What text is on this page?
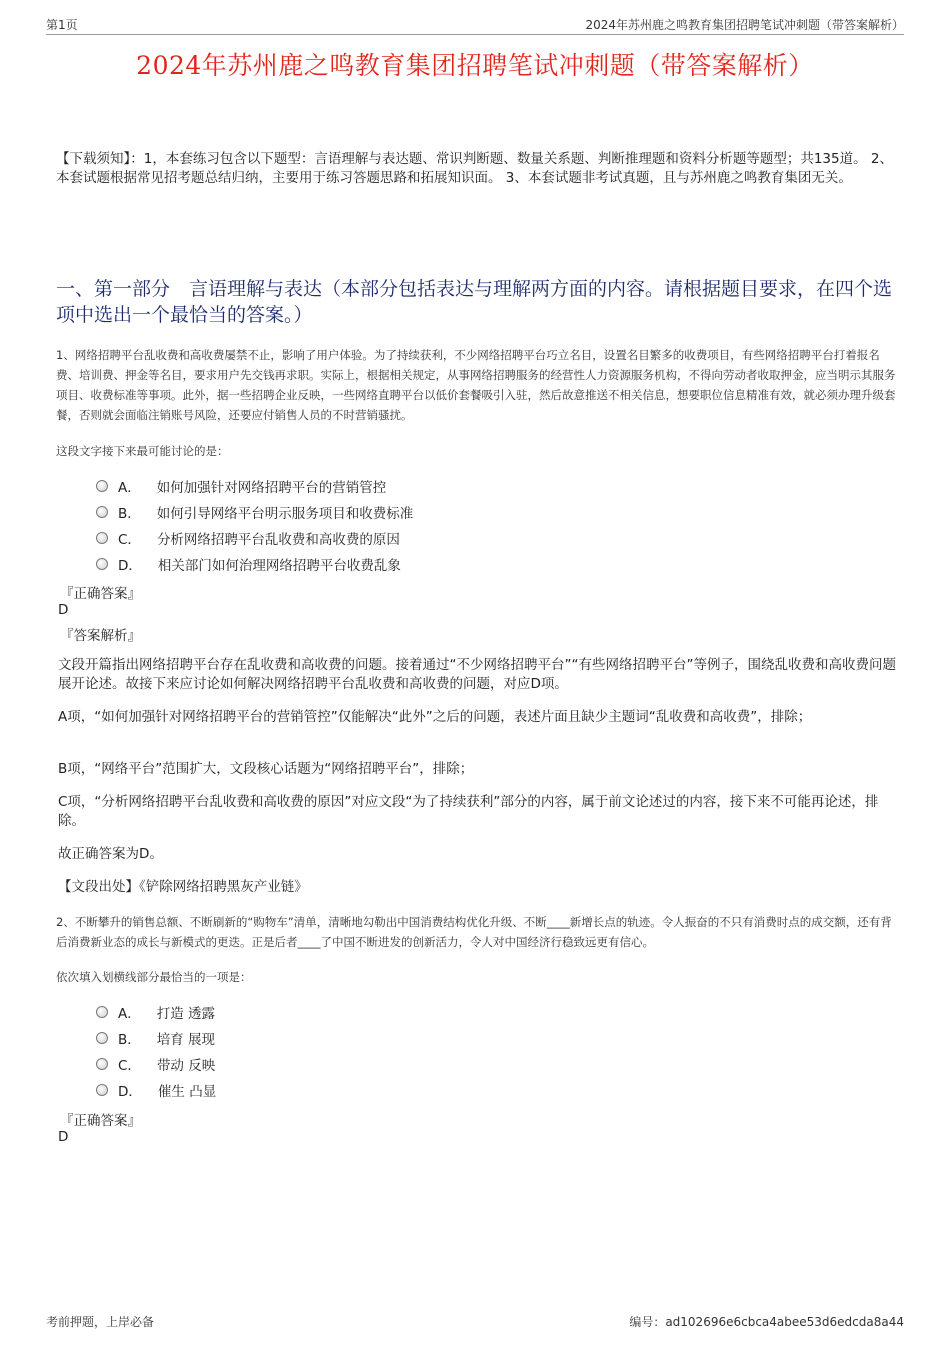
第1页	2024年苏州鹿之鸣教育集团招聘笔试冲刺题（带答案解析）
2024年苏州鹿之鸣教育集团招聘笔试冲刺题（带答案解析）
【下载须知】：1，本套练习包含以下题型：言语理解与表达题、常识判断题、数量关系题、判断推理题和资料分析题等题型；共135道。 2、本套试题根据常见招考题总结归纳，主要用于练习答题思路和拓展知识面。 3、本套试题非考试真题，且与苏州鹿之鸣教育集团无关。
一、第一部分　言语理解与表达（本部分包括表达与理解两方面的内容。请根据题目要求，在四个选项中选出一个最恰当的答案。）
1、网络招聘平台乱收费和高收费屡禁不止，影响了用户体验。为了持续获利，不少网络招聘平台巧立名目，设置名目繁多的收费项目，有些网络招聘平台打着报名费、培训费、押金等名目，要求用户先交钱再求职。实际上，根据相关规定，从事网络招聘服务的经营性人力资源服务机构，不得向劳动者收取押金，应当明示其服务项目、收费标准等事项。此外，据一些招聘企业反映，一些网络直聘平台以低价套餐吸引入驻，然后故意推送不相关信息，想要职位信息精准有效，就必须办理升级套餐，否则就会面临注销账号风险，还要应付销售人员的不时营销骚扰。
这段文字接下来最可能讨论的是：
A． 如何加强针对网络招聘平台的营销管控
B． 如何引导网络平台明示服务项目和收费标准
C． 分析网络招聘平台乱收费和高收费的原因
D． 相关部门如何治理网络招聘平台收费乱象
『正确答案』
D
『答案解析』
文段开篇指出网络招聘平台存在乱收费和高收费的问题。接着通过“不少网络招聘平台”“有些网络招聘平台”等例子，围绕乱收费和高收费问题展开论述。故接下来应讨论如何解决网络招聘平台乱收费和高收费的问题，对应D项。
A项，“如何加强针对网络招聘平台的营销管控”仅能解决“此外”之后的问题，表述片面且缺少主题词“乱收费和高收费”，排除；
B项，“网络平台”范围扩大，文段核心话题为“网络招聘平台”，排除；
C项，“分析网络招聘平台乱收费和高收费的原因”对应文段“为了持续获利”部分的内容，属于前文论述过的内容，接下来不可能再论述，排除。
故正确答案为D。
【文段出处】《铲除网络招聘黑灰产业链》
2、不断攀升的销售总额、不断刷新的“购物车”清单，清晰地勾勒出中国消费结构优化升级、不断____新增长点的轨迹。令人振奋的不只有消费时点的成交额，还有背后消费新业态的成长与新模式的更迭。正是后者____了中国不断进发的创新活力，令人对中国经济行稳致远更有信心。
依次填入划横线部分最恰当的一项是：
A． 打造 透露
B． 培育 展现
C． 带动 反映
D． 催生 凸显
『正确答案』
D
考前押题，上岸必备	编号：ad102696e6cbca4abee53d6edcda8a44
